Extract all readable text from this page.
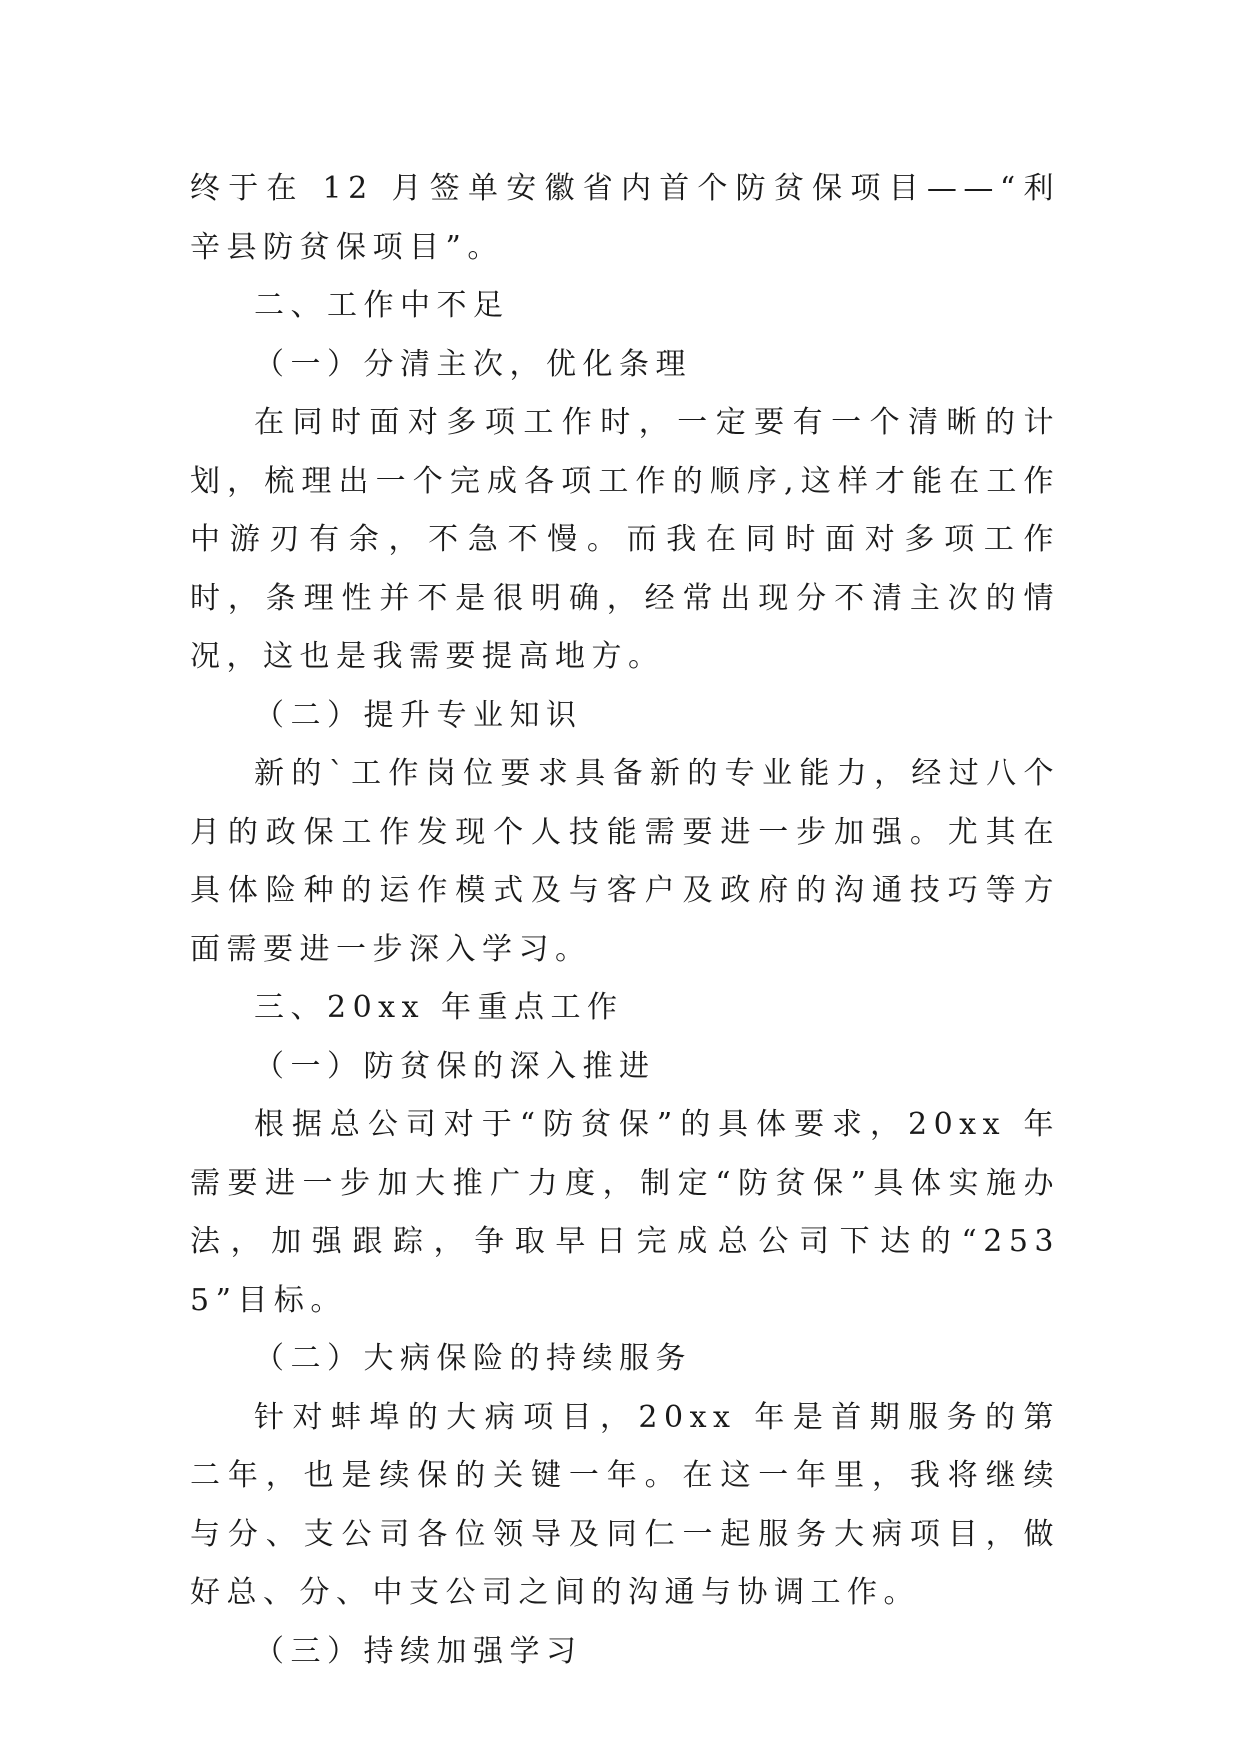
终于在 12 月签单安徽省内首个防贫保项目——“利辛县防贫保项目”。

二、工作中不足

（一）分清主次，优化条理

在同时面对多项工作时，一定要有一个清晰的计划，梳理出一个完成各项工作的顺序,这样才能在工作中游刃有余，不急不慢。而我在同时面对多项工作时，条理性并不是很明确，经常出现分不清主次的情况，这也是我需要提高地方。

（二）提升专业知识

新的`工作岗位要求具备新的专业能力，经过八个月的政保工作发现个人技能需要进一步加强。尤其在具体险种的运作模式及与客户及政府的沟通技巧等方面需要进一步深入学习。

三、20xx 年重点工作

（一）防贫保的深入推进

根据总公司对于“防贫保”的具体要求，20xx 年需要进一步加大推广力度，制定“防贫保”具体实施办法，加强跟踪，争取早日完成总公司下达的“2535”目标。

（二）大病保险的持续服务

针对蚌埠的大病项目，20xx 年是首期服务的第二年，也是续保的关键一年。在这一年里，我将继续与分、支公司各位领导及同仁一起服务大病项目，做好总、分、中支公司之间的沟通与协调工作。

（三）持续加强学习
